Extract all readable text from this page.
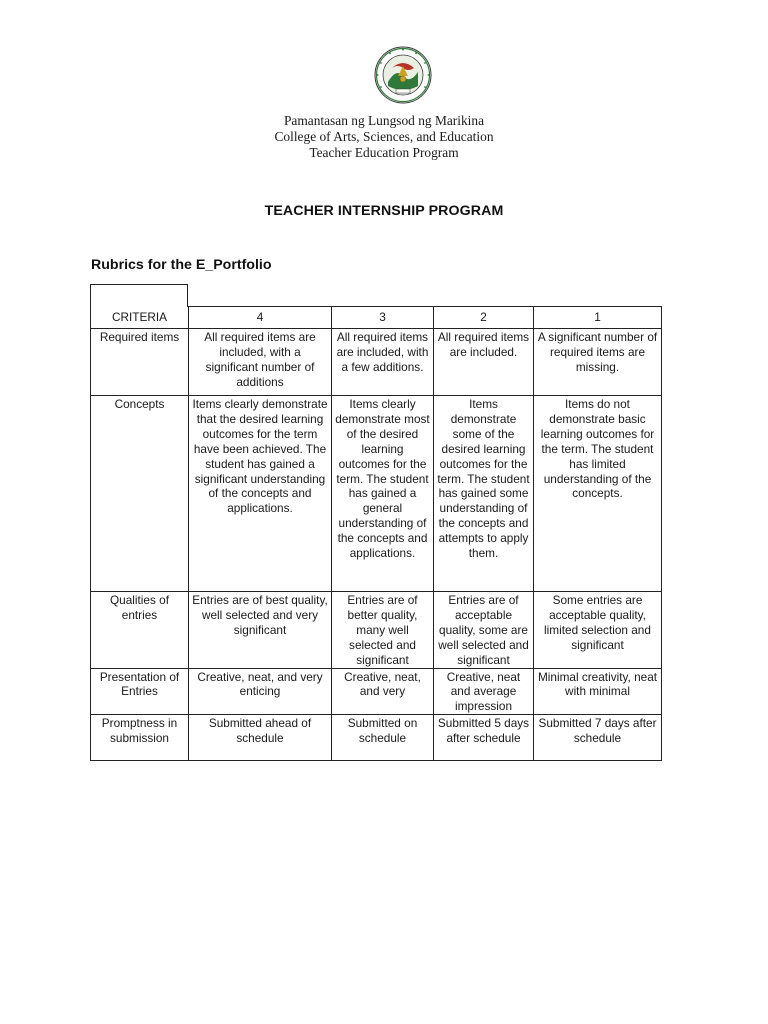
Pamantasan ng Lungsod ng Marikina
College of Arts, Sciences, and Education
Teacher Education Program
TEACHER INTERNSHIP PROGRAM
Rubrics for the E_Portfolio
CRITERIA	4	3	2	1
Required items	All required items are included, with a significant number of additions	All required items are included, with a few additions.	All required items are included.	A significant number of required items are missing.
Concepts	Items clearly demonstrate that the desired learning outcomes for the term have been achieved. The student has gained a significant understanding of the concepts and applications.	Items clearly demonstrate most of the desired learning outcomes for the term. The student has gained a general understanding of the concepts and applications.	Items demonstrate some of the desired learning outcomes for the term. The student has gained some understanding of the concepts and attempts to apply them.	Items do not demonstrate basic learning outcomes for the term. The student has limited understanding of the concepts.
Qualities of entries	Entries are of best quality, well selected and very significant	Entries are of better quality, many well selected and significant	Entries are of acceptable quality, some are well selected and significant	Some entries are acceptable quality, limited selection and significant
Presentation of Entries	Creative, neat, and very enticing	Creative, neat, and very	Creative, neat and average impression	Minimal creativity, neat with minimal
Promptness in submission	Submitted ahead of schedule	Submitted on schedule	Submitted 5 days after schedule	Submitted 7 days after schedule
